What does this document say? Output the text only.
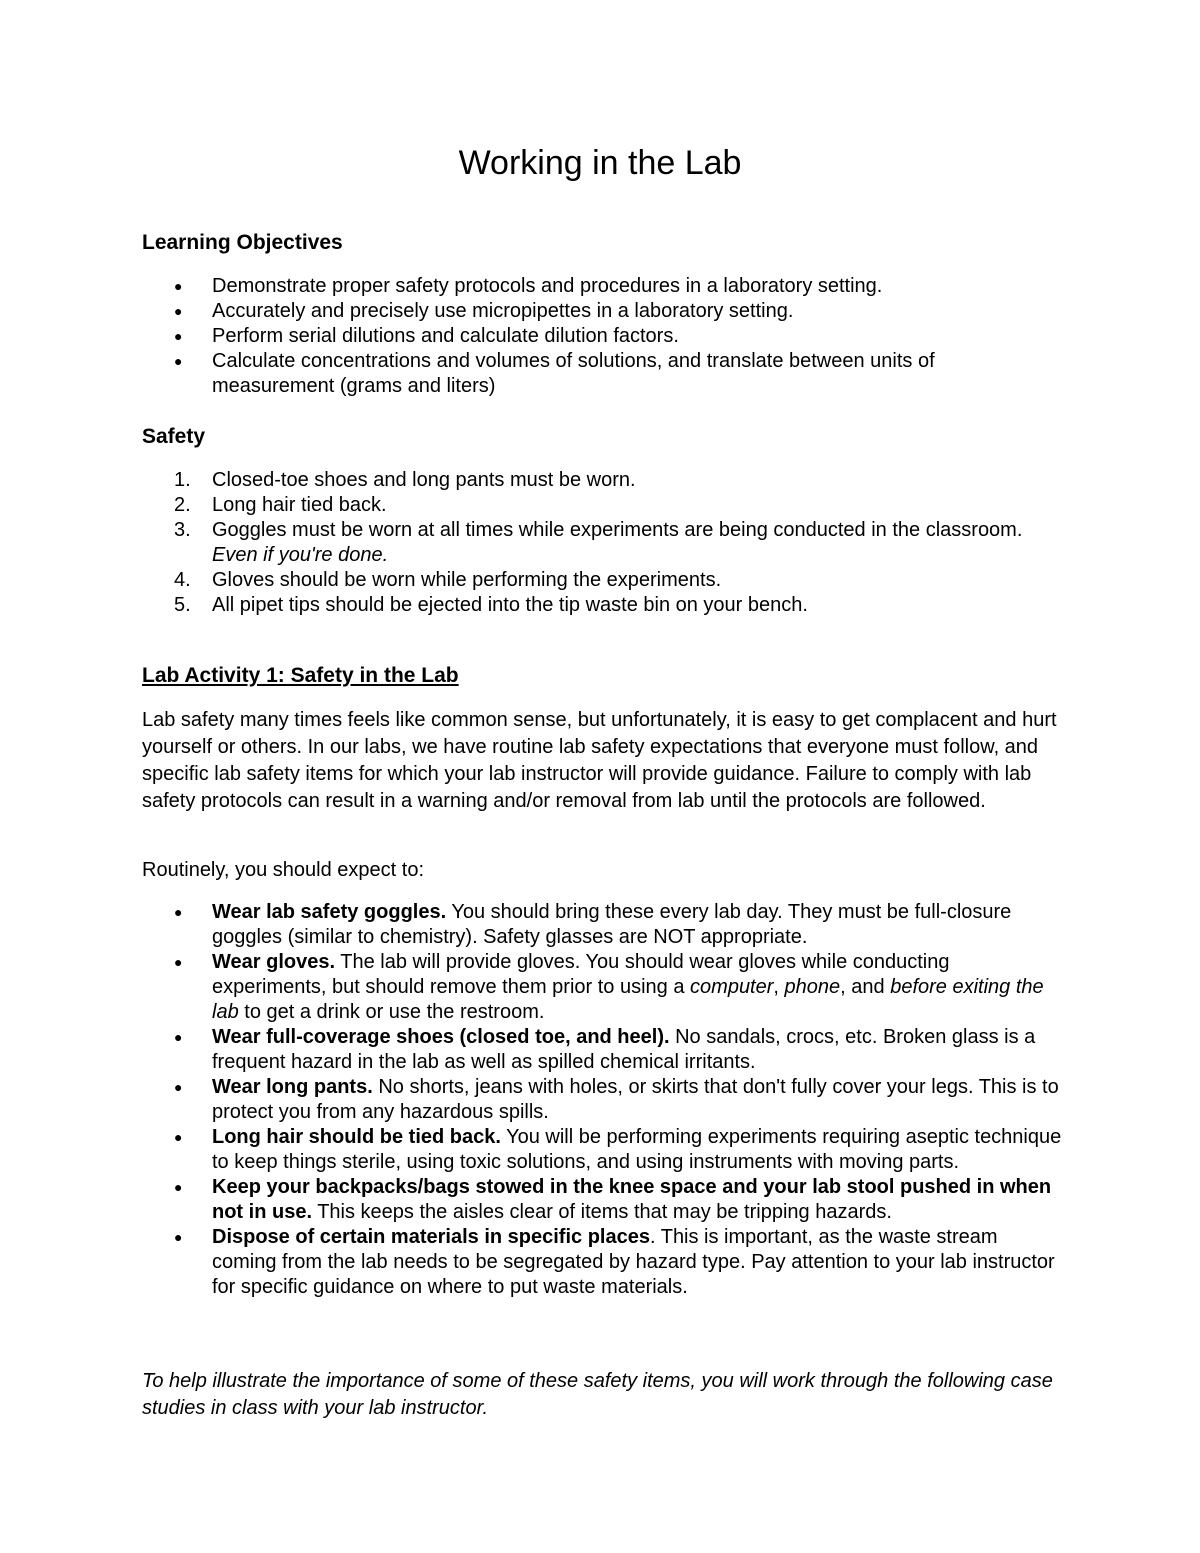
Working in the Lab
Learning Objectives
● Demonstrate proper safety protocols and procedures in a laboratory setting.
● Accurately and precisely use micropipettes in a laboratory setting.
● Perform serial dilutions and calculate dilution factors.
● Calculate concentrations and volumes of solutions, and translate between units of measurement (grams and liters)
Safety
1. Closed-toe shoes and long pants must be worn.
2. Long hair tied back.
3. Goggles must be worn at all times while experiments are being conducted in the classroom.  Even if you're done.
4. Gloves should be worn while performing the experiments.
5. All pipet tips should be ejected into the tip waste bin on your bench.
Lab Activity 1: Safety in the Lab

Lab safety many times feels like common sense, but unfortunately, it is easy to get complacent and hurt yourself or others. In our labs, we have routine lab safety expectations that everyone must follow, and specific lab safety items for which your lab instructor will provide guidance. Failure to comply with lab safety protocols can result in a warning and/or removal from lab until the protocols are followed.

Routinely, you should expect to:

● Wear lab safety goggles. You should bring these every lab day. They must be full-closure goggles (similar to chemistry). Safety glasses are NOT appropriate.
● Wear gloves. The lab will provide gloves. You should wear gloves while conducting experiments, but should remove them prior to using a computer, phone, and before exiting the lab to get a drink or use the restroom.
● Wear full-coverage shoes (closed toe, and heel). No sandals, crocs, etc. Broken glass is a frequent hazard in the lab as well as spilled chemical irritants.
● Wear long pants. No shorts, jeans with holes, or skirts that don't fully cover your legs. This is to protect you from any hazardous spills.
● Long hair should be tied back. You will be performing experiments requiring aseptic technique to keep things sterile, using toxic solutions, and using instruments with moving parts.
● Keep your backpacks/bags stowed in the knee space and your lab stool pushed in when not in use. This keeps the aisles clear of items that may be tripping hazards.
● Dispose of certain materials in specific places. This is important, as the waste stream coming from the lab needs to be segregated by hazard type. Pay attention to your lab instructor for specific guidance on where to put waste materials.

To help illustrate the importance of some of these safety items, you will work through the following case studies in class with your lab instructor.
